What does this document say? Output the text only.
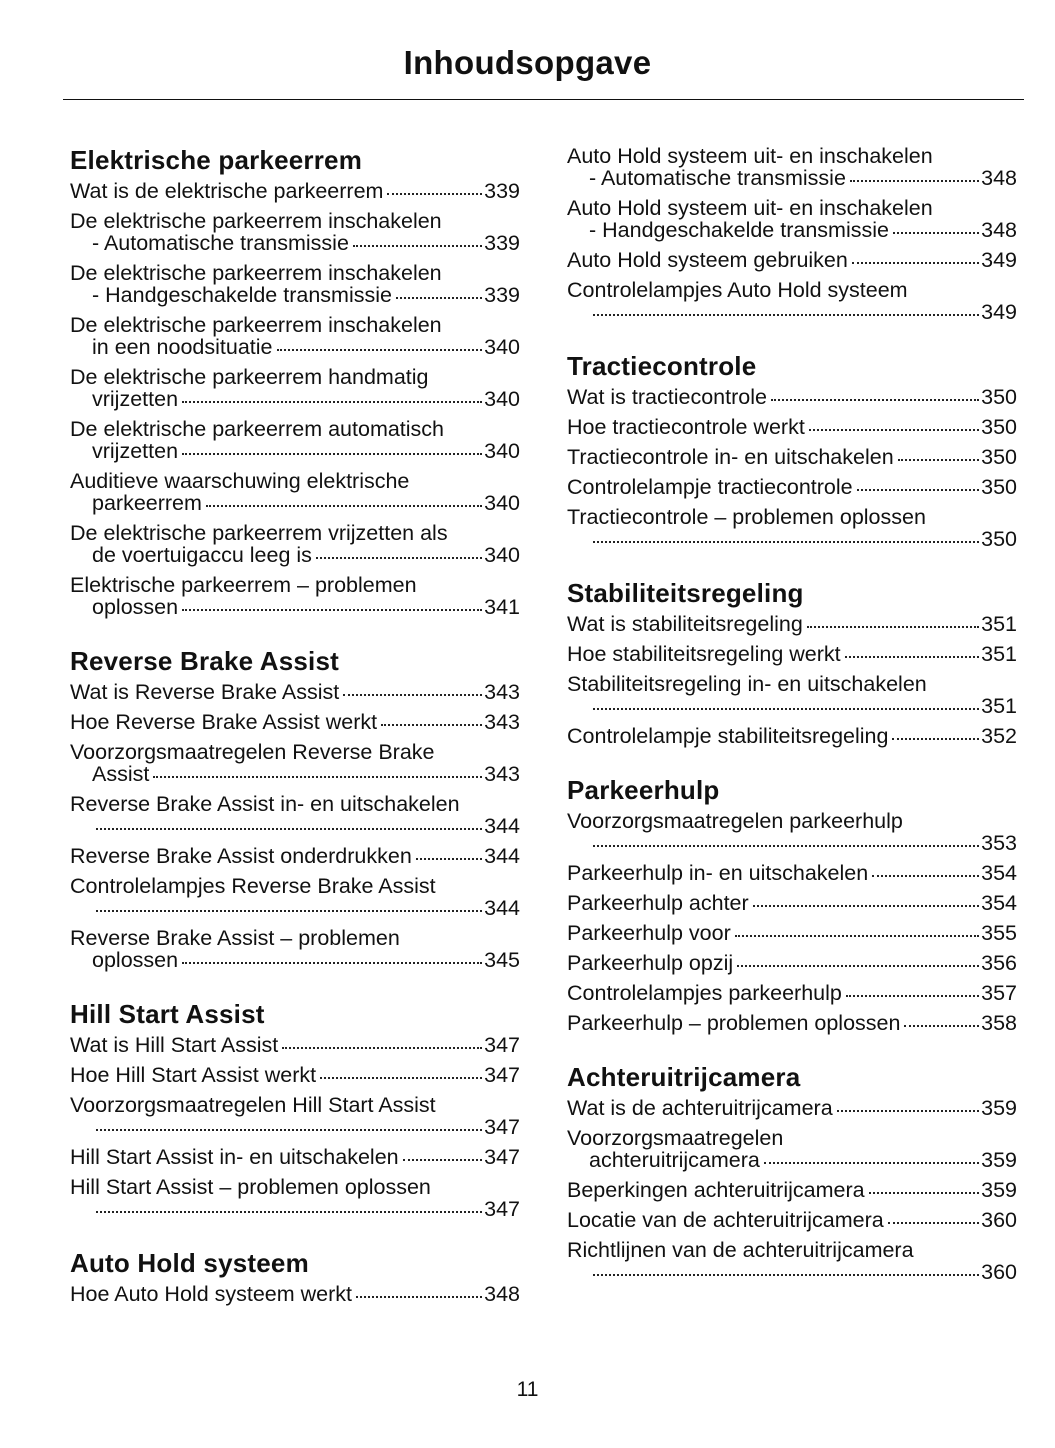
Inhoudsopgave
Elektrische parkeerrem
Wat is de elektrische parkeerrem	339
De elektrische parkeerrem inschakelen
- Automatische transmissie	339
De elektrische parkeerrem inschakelen
- Handgeschakelde transmissie	339
De elektrische parkeerrem inschakelen
in een noodsituatie	340
De elektrische parkeerrem handmatig
vrijzetten	340
De elektrische parkeerrem automatisch
vrijzetten	340
Auditieve waarschuwing elektrische
parkeerrem	340
De elektrische parkeerrem vrijzetten als
de voertuigaccu leeg is	340
Elektrische parkeerrem – problemen
oplossen	341
Reverse Brake Assist
Wat is Reverse Brake Assist	343
Hoe Reverse Brake Assist werkt	343
Voorzorgsmaatregelen Reverse Brake
Assist	343
Reverse Brake Assist in- en uitschakelen
344
Reverse Brake Assist onderdrukken	344
Controlelampjes Reverse Brake Assist
344
Reverse Brake Assist – problemen
oplossen	345
Hill Start Assist
Wat is Hill Start Assist	347
Hoe Hill Start Assist werkt	347
Voorzorgsmaatregelen Hill Start Assist
347
Hill Start Assist in- en uitschakelen	347
Hill Start Assist – problemen oplossen
347
Auto Hold systeem
Hoe Auto Hold systeem werkt	348
Auto Hold systeem uit- en inschakelen
- Automatische transmissie	348
Auto Hold systeem uit- en inschakelen
- Handgeschakelde transmissie	348
Auto Hold systeem gebruiken	349
Controlelampjes Auto Hold systeem
349
Tractiecontrole
Wat is tractiecontrole	350
Hoe tractiecontrole werkt	350
Tractiecontrole in- en uitschakelen	350
Controlelampje tractiecontrole	350
Tractiecontrole – problemen oplossen
350
Stabiliteitsregeling
Wat is stabiliteitsregeling	351
Hoe stabiliteitsregeling werkt	351
Stabiliteitsregeling in- en uitschakelen
351
Controlelampje stabiliteitsregeling	352
Parkeerhulp
Voorzorgsmaatregelen parkeerhulp
353
Parkeerhulp in- en uitschakelen	354
Parkeerhulp achter	354
Parkeerhulp voor	355
Parkeerhulp opzij	356
Controlelampjes parkeerhulp	357
Parkeerhulp – problemen oplossen	358
Achteruitrijcamera
Wat is de achteruitrijcamera	359
Voorzorgsmaatregelen
achteruitrijcamera	359
Beperkingen achteruitrijcamera	359
Locatie van de achteruitrijcamera	360
Richtlijnen van de achteruitrijcamera
360
11
